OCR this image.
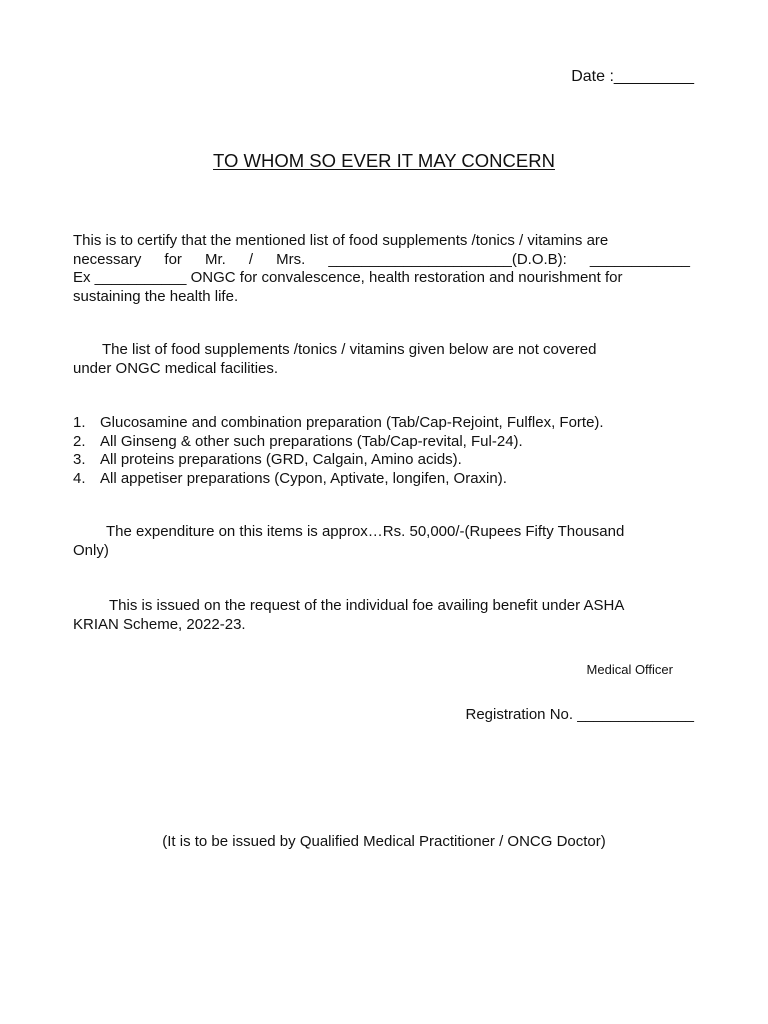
Date :_________
TO WHOM SO EVER IT MAY CONCERN
This is to certify that the mentioned list of food supplements /tonics / vitamins are
necessary for Mr. / Mrs. ______________________(D.O.B): ____________
Ex ___________ ONGC for convalescence, health restoration and nourishment for
sustaining the health life.
The list of food supplements /tonics / vitamins given below are not covered
under ONGC medical facilities.
1. Glucosamine and combination preparation (Tab/Cap-Rejoint, Fulflex, Forte).
2. All Ginseng & other such preparations (Tab/Cap-revital, Ful-24).
3. All proteins preparations (GRD, Calgain, Amino acids).
4. All appetiser preparations (Cypon, Aptivate, longifen, Oraxin).
The expenditure on this items is approx…Rs. 50,000/-(Rupees Fifty Thousand
Only)
This is issued on the request of the individual foe availing benefit under ASHA
KRIAN Scheme, 2022-23.
Medical Officer
Registration No. ______________
(It is to be issued by Qualified Medical Practitioner / ONCG Doctor)
